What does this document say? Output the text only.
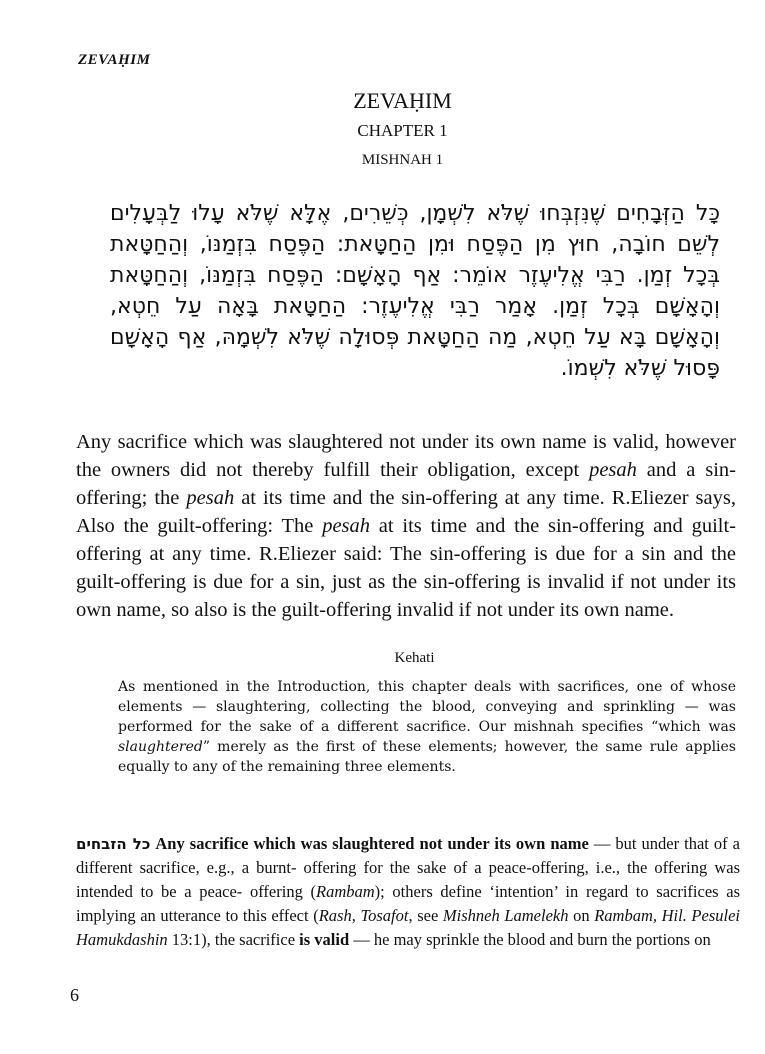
ZEVAḤIM
ZEVAḤIM
CHAPTER 1
MISHNAH 1
כָּל הַזְּבָחִים שֶׁנִּזְבְּחוּ שֶׁלֹּא לִשְׁמָן, כְּשֵׁרִים, אֶלָּא שֶׁלֹּא עָלוּ לַבְּעָלִים
לְשֵׁם חוֹבָה, חוּץ מִן הַפֶּסַח וּמִן הַחַטָּאת: הַפֶּסַח בִּזְמַנּוֹ, וְהַחַטָּאת
בְּכָל זְמַן. רַבִּי אֱלִיעֶזֶר אוֹמֵר: אַף הָאָשָׁם: הַפֶּסַח בִּזְמַנּוֹ, וְהַחַטָּאת
וְהָאָשָׁם בְּכָל זְמַן. אָמַר רַבִּי אֱלִיעֶזֶר: הַחַטָּאת בָּאָה עַל חֵטְא,
וְהָאָשָׁם בָּא עַל חֵטְא, מַה הַחַטָּאת פְּסוּלָה שֶׁלֹּא לִשְׁמָהּ, אַף הָאָשָׁם
פָּסוּל שֶׁלֹּא לִשְׁמוֹ.
Any sacrifice which was slaughtered not under its own name is valid, however the owners did not thereby fulfill their obligation, except pesah and a sin-offering; the pesah at its time and the sin-offering at any time. R.Eliezer says, Also the guilt-offering: The pesah at its time and the sin-offering and guilt-offering at any time. R.Eliezer said: The sin-offering is due for a sin and the guilt-offering is due for a sin, just as the sin-offering is invalid if not under its own name, so also is the guilt-offering invalid if not under its own name.
Kehati
As mentioned in the Introduction, this chapter deals with sacrifices, one of whose elements — slaughtering, collecting the blood, conveying and sprinkling — was performed for the sake of a different sacrifice. Our mishnah specifies “which was slaughtered” merely as the first of these elements; however, the same rule applies equally to any of the remaining three elements.
כל הזבחים Any sacrifice which was slaughtered not under its own name — but under that of a different sacrifice, e.g., a burnt- offering for the sake of a peace-offering, i.e., the offering was intended to be a peace- offering (Rambam); others define ‘intention’ in regard to sacrifices as implying an utterance to this effect (Rash, Tosafot, see Mishneh Lamelekh on Rambam, Hil. Pesulei Hamukdashin 13:1), the sacrifice is valid — he may sprinkle the blood and burn the portions on
6
